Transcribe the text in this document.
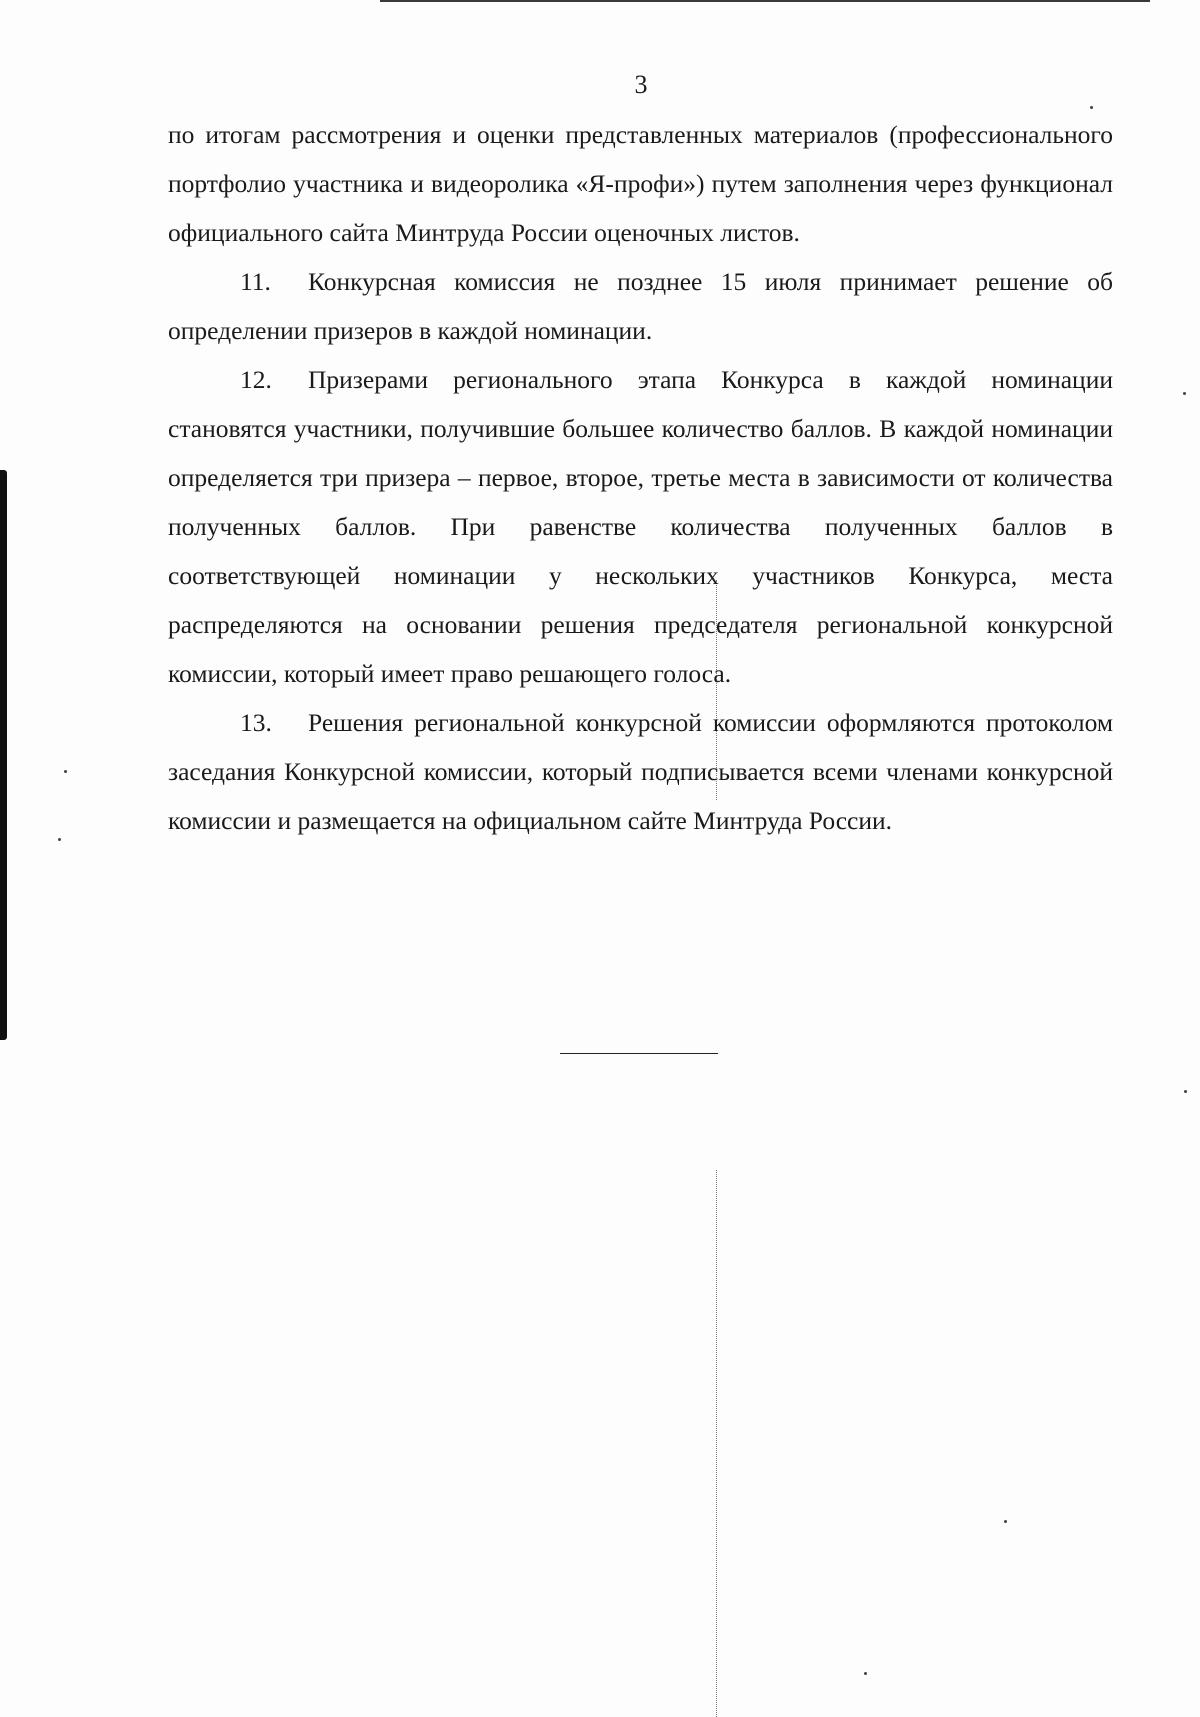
3

по итогам рассмотрения и оценки представленных материалов (профессионального портфолио участника и видеоролика «Я-профи») путем заполнения через функционал официального сайта Минтруда России оценочных листов.

11. Конкурсная комиссия не позднее 15 июля принимает решение об определении призеров в каждой номинации.

12. Призерами регионального этапа Конкурса в каждой номинации становятся участники, получившие большее количество баллов. В каждой номинации определяется три призера – первое, второе, третье места в зависимости от количества полученных баллов. При равенстве количества полученных баллов в соответствующей номинации у нескольких участников Конкурса, места распределяются на основании решения председателя региональной конкурсной комиссии, который имеет право решающего голоса.

13. Решения региональной конкурсной комиссии оформляются протоколом заседания Конкурсной комиссии, который подписывается всеми членами конкурсной комиссии и размещается на официальном сайте Минтруда России.
